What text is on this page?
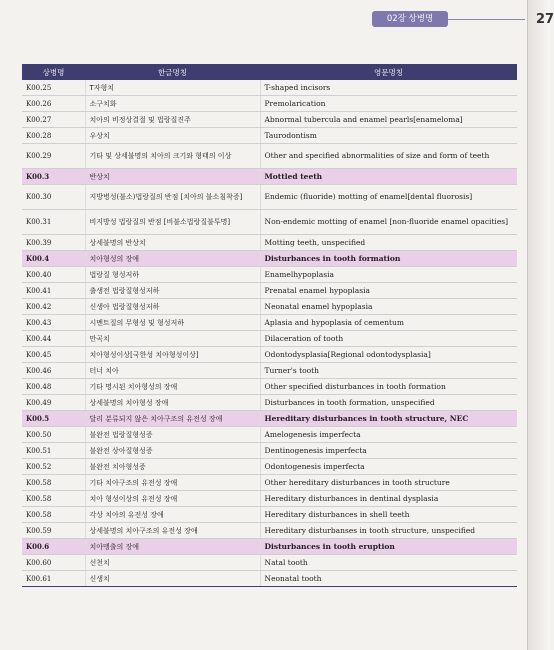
27
02장 상병명
상병명	한글명칭	영문명칭
K00.25	T자형치	T-shaped incisors
K00.26	소구치화	Premolarication
K00.27	치아의 비정상결절 및 법랑질진주	Abnormal tubercula and enamel pearls[enameloma]
K00.28	우상치	Taurodontism
K00.29	기타 및 상세불명의 치아의 크기와 형태의 이상	Other and specified abnormalities of size and form of teeth
K00.3	반상치	Mottled teeth
K00.30	지방병성(불소)법랑질의 반점 [치아의 불소침착증]	Endemic (fluoride) motting of enamel[dental fluorosis]
K00.31	비지방성 법랑질의 반점 [비불소법랑질불투명]	Non-endemic motting of enamel [non-fluoride enamel opacities]
K00.39	상세불명의 반상치	Motting teeth, unspecified
K00.4	치아형성의 장애	Disturbances in tooth formation
K00.40	법랑질 형성저하	Enamelhypoplasia
K00.41	출생전 법랑질형성저하	Prenatal enamel hypoplasia
K00.42	신생아 법랑질형성저하	Neonatal enamel hypoplasia
K00.43	시멘트질의 무형성 및 형성저하	Aplasia and hypoplasia of cementum
K00.44	만곡치	Dilaceration of tooth
K00.45	치아형성이상[국한성 치아형성이상]	Odontodysplasia[Regional odontodysplasia]
K00.46	터너 치아	Turner's tooth
K00.48	기타 명시된 치아형성의 장애	Other specified disturbances in tooth formation
K00.49	상세불명의 치아형성 장애	Disturbances in tooth formation, unspecified
K00.5	달리 분류되지 않은 치아구조의 유전성 장애	Hereditary disturbances in tooth structure, NEC
K00.50	불완전 법랑질형성증	Amelogenesis imperfecta
K00.51	불완전 상아질형성증	Dentinogenesis imperfecta
K00.52	불완전 치아형성증	Odontogenesis imperfecta
K00.58	기타 치아구조의 유전성 장애	Other hereditary disturbances in tooth structure
K00.58	치아 형성이상의 유전성 장애	Hereditary disturbances in dentinal dysplasia
K00.58	각상 치아의 유전성 장애	Hereditary disturbances in shell teeth
K00.59	상세불명의 치아구조의 유전성 장애	Hereditary disturbanses in tooth structure, unspecified
K00.6	치아맹출의 장애	Disturbances in tooth eruption
K00.60	선천치	Natal tooth
K00.61	신생치	Neonatal tooth
